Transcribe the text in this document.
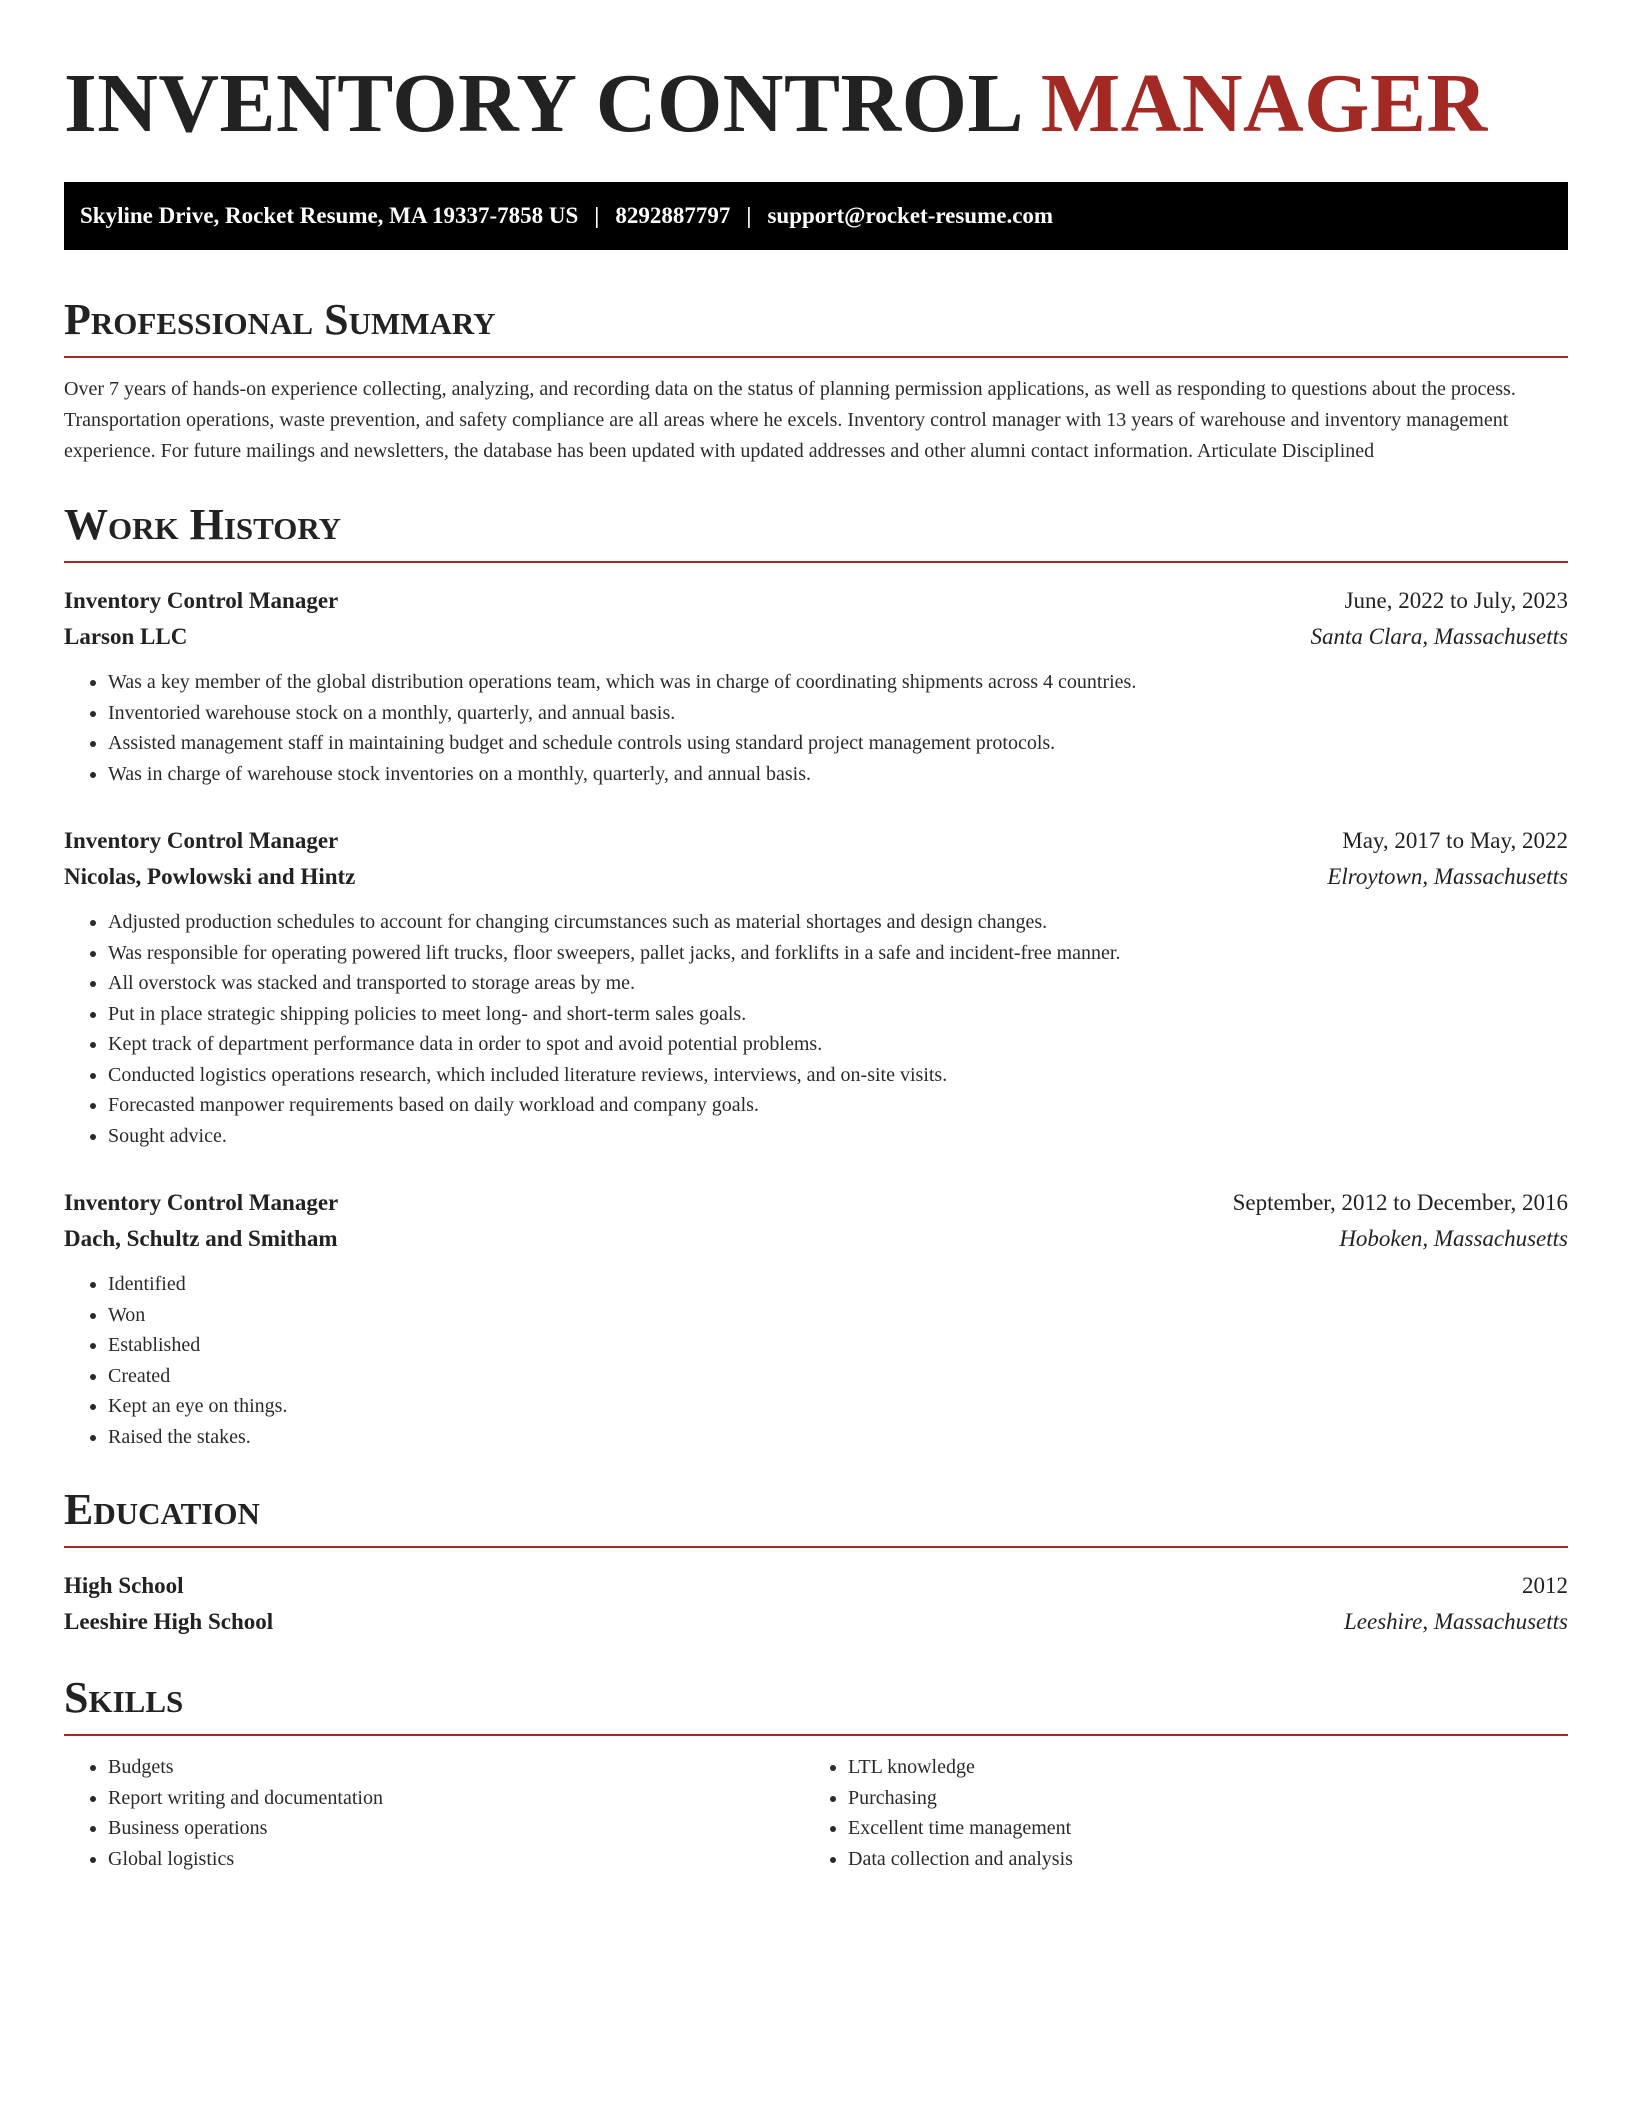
INVENTORY CONTROL MANAGER
Skyline Drive, Rocket Resume, MA 19337-7858 US | 8292887797 | support@rocket-resume.com
Professional Summary

Over 7 years of hands-on experience collecting, analyzing, and recording data on the status of planning permission applications, as well as responding to questions about the process. Transportation operations, waste prevention, and safety compliance are all areas where he excels. Inventory control manager with 13 years of warehouse and inventory management experience. For future mailings and newsletters, the database has been updated with updated addresses and other alumni contact information. Articulate Disciplined

Work History
Inventory Control Manager	June, 2022 to July, 2023
Larson LLC	Santa Clara, Massachusetts
• Was a key member of the global distribution operations team, which was in charge of coordinating shipments across 4 countries.
• Inventoried warehouse stock on a monthly, quarterly, and annual basis.
• Assisted management staff in maintaining budget and schedule controls using standard project management protocols.
• Was in charge of warehouse stock inventories on a monthly, quarterly, and annual basis.
Inventory Control Manager	May, 2017 to May, 2022
Nicolas, Powlowski and Hintz	Elroytown, Massachusetts
• Adjusted production schedules to account for changing circumstances such as material shortages and design changes.
• Was responsible for operating powered lift trucks, floor sweepers, pallet jacks, and forklifts in a safe and incident-free manner.
• All overstock was stacked and transported to storage areas by me.
• Put in place strategic shipping policies to meet long- and short-term sales goals.
• Kept track of department performance data in order to spot and avoid potential problems.
• Conducted logistics operations research, which included literature reviews, interviews, and on-site visits.
• Forecasted manpower requirements based on daily workload and company goals.
• Sought advice.
Inventory Control Manager	September, 2012 to December, 2016
Dach, Schultz and Smitham	Hoboken, Massachusetts
• Identified
• Won
• Established
• Created
• Kept an eye on things.
• Raised the stakes.
Education
High School	2012
Leeshire High School	Leeshire, Massachusetts
Skills
• Budgets
• Report writing and documentation
• Business operations
• Global logistics
• LTL knowledge
• Purchasing
• Excellent time management
• Data collection and analysis
